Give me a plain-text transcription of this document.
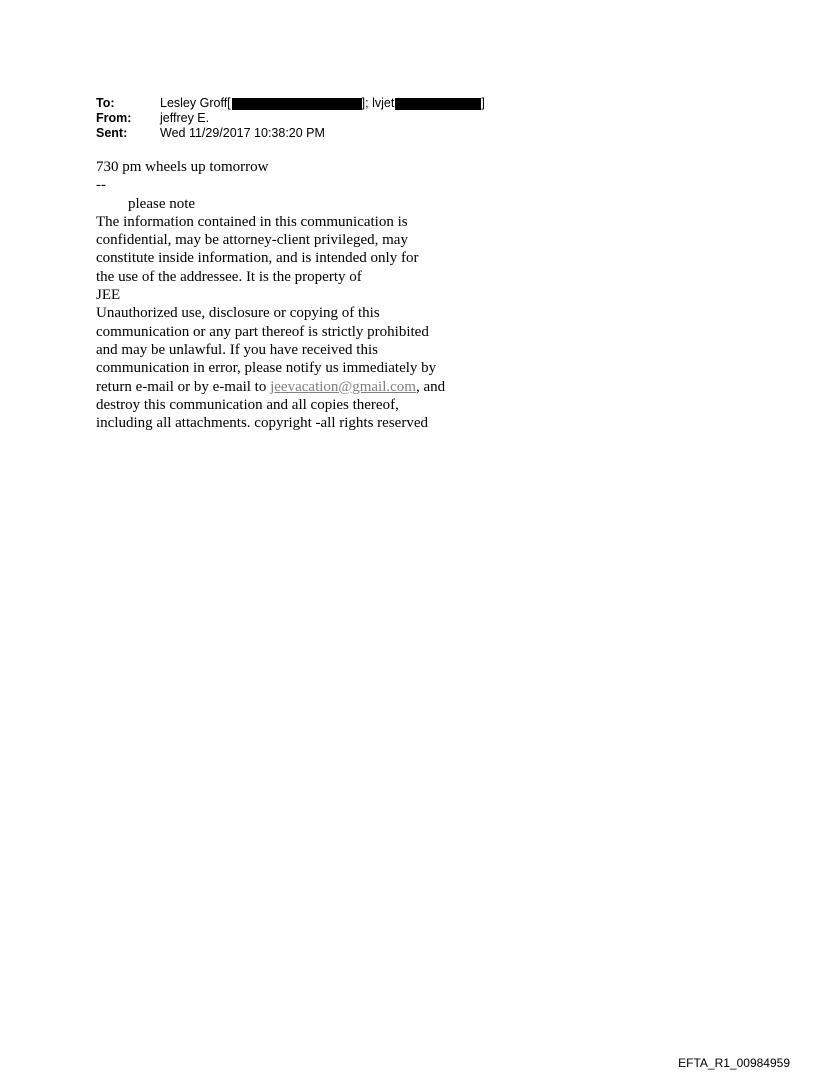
To:	Lesley Groff [	]; lvjet	]
From:	jeffrey E.
Sent:	Wed 11/29/2017 10:38:20 PM

730 pm wheels up tomorrow

--

please note

The information contained in this communication is

confidential, may be attorney-client privileged, may

constitute inside information, and is intended only for

the use of the addressee. It is the property of

JEE

Unauthorized use, disclosure or copying of this

communication or any part thereof is strictly prohibited

and may be unlawful. If you have received this

communication in error, please notify us immediately by

return e-mail or by e-mail to jeevacation@gmail.com, and

destroy this communication and all copies thereof,

including all attachments. copyright -all rights reserved

EFTA_R1_00984959
